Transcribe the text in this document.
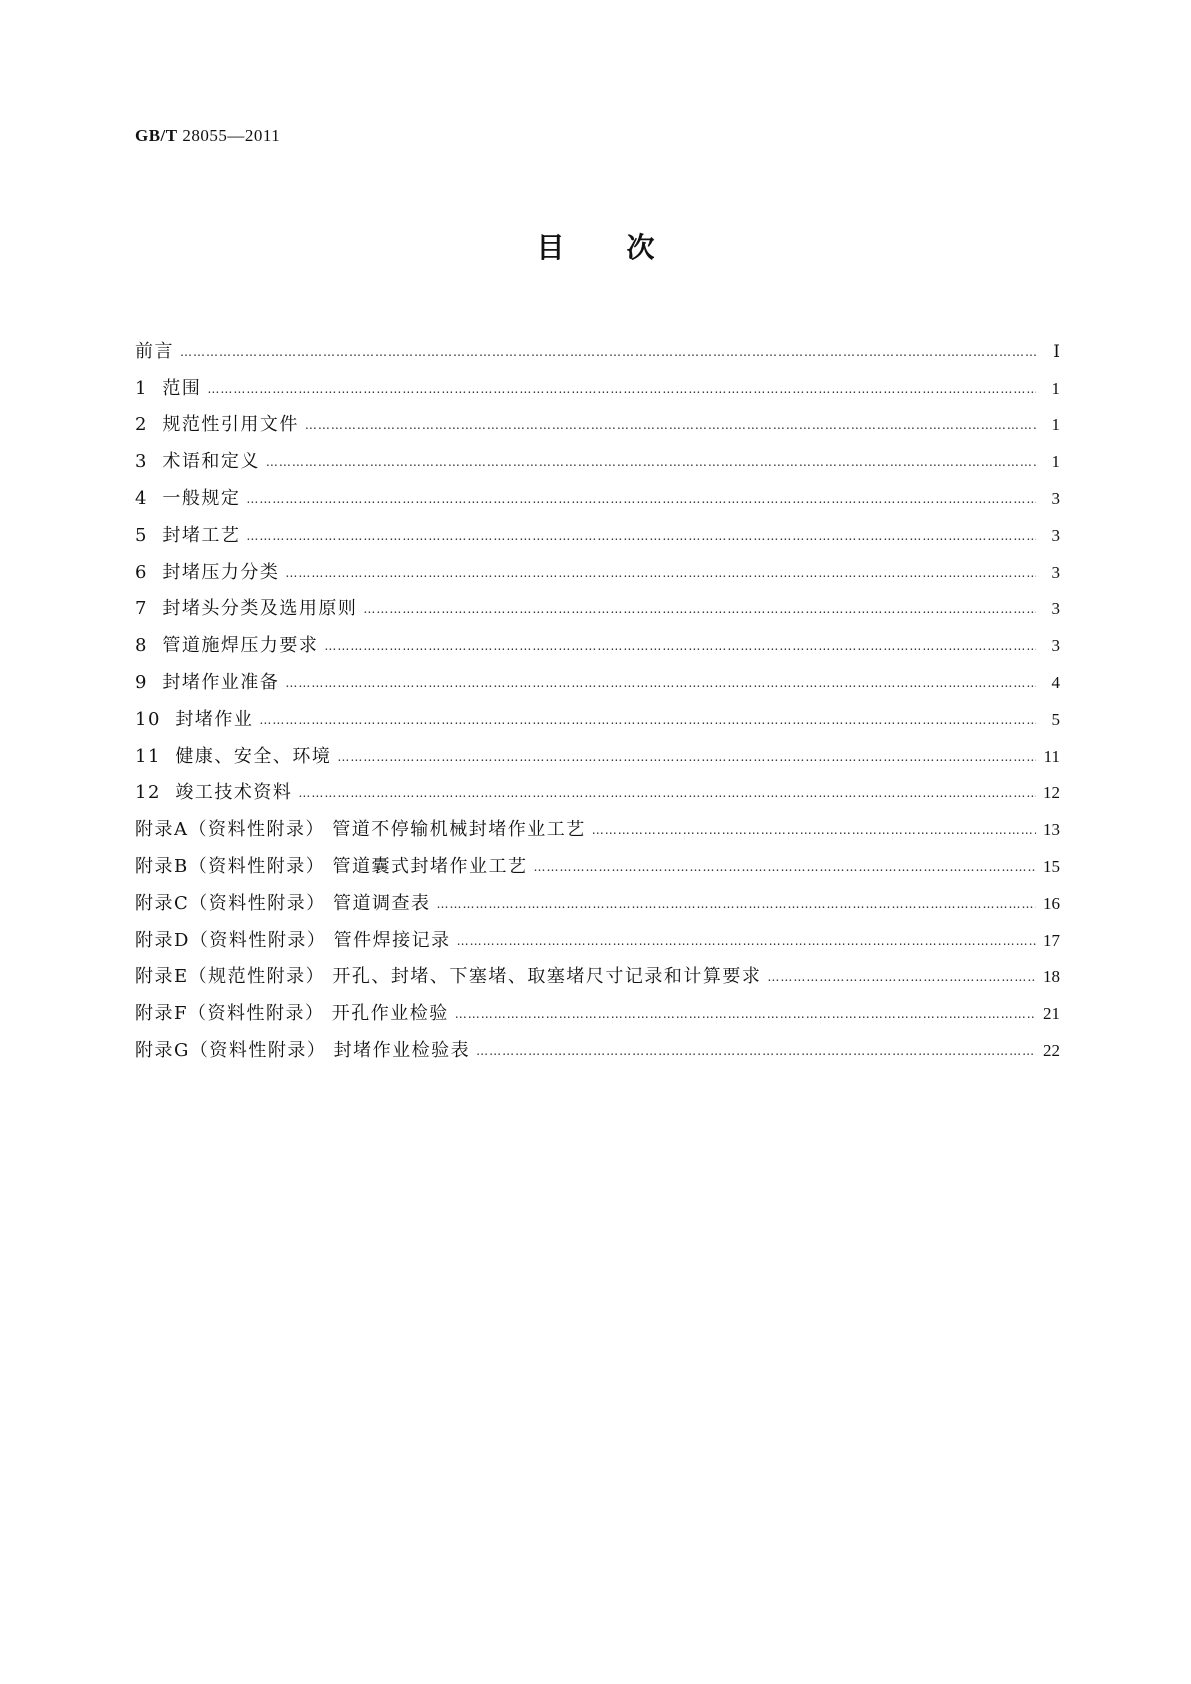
GB/T 28055—2011
目次
前言 …………………………………………………………………………………………………………………………………………………………………………………………………………………	Ⅰ
1  范围 …………………………………………………………………………………………………………………………………………………………………………………………………………………	1
2  规范性引用文件 …………………………………………………………………………………………………………………………………………………………………………………………………………………	1
3  术语和定义 …………………………………………………………………………………………………………………………………………………………………………………………………………………	1
4  一般规定 …………………………………………………………………………………………………………………………………………………………………………………………………………………	3
5  封堵工艺 …………………………………………………………………………………………………………………………………………………………………………………………………………………	3
6  封堵压力分类 …………………………………………………………………………………………………………………………………………………………………………………………………………………	3
7  封堵头分类及选用原则 …………………………………………………………………………………………………………………………………………………………………………………………………………………	3
8  管道施焊压力要求 …………………………………………………………………………………………………………………………………………………………………………………………………………………	3
9  封堵作业准备 …………………………………………………………………………………………………………………………………………………………………………………………………………………	4
10  封堵作业 …………………………………………………………………………………………………………………………………………………………………………………………………………………	5
11  健康、安全、环境 …………………………………………………………………………………………………………………………………………………………………………………………………………………	11
12  竣工技术资料 …………………………………………………………………………………………………………………………………………………………………………………………………………………	12
附录A（资料性附录） 管道不停输机械封堵作业工艺 …………………………………………………………………………………………………………………………………………………………………………………………………………………	13
附录B（资料性附录） 管道囊式封堵作业工艺 …………………………………………………………………………………………………………………………………………………………………………………………………………………	15
附录C（资料性附录） 管道调查表 …………………………………………………………………………………………………………………………………………………………………………………………………………………	16
附录D（资料性附录） 管件焊接记录 …………………………………………………………………………………………………………………………………………………………………………………………………………………	17
附录E（规范性附录） 开孔、封堵、下塞堵、取塞堵尺寸记录和计算要求 …………………………………………………………………………………………………………………………………………………………………………………………………………………	18
附录F（资料性附录） 开孔作业检验 …………………………………………………………………………………………………………………………………………………………………………………………………………………	21
附录G（资料性附录） 封堵作业检验表 …………………………………………………………………………………………………………………………………………………………………………………………………………………	22
